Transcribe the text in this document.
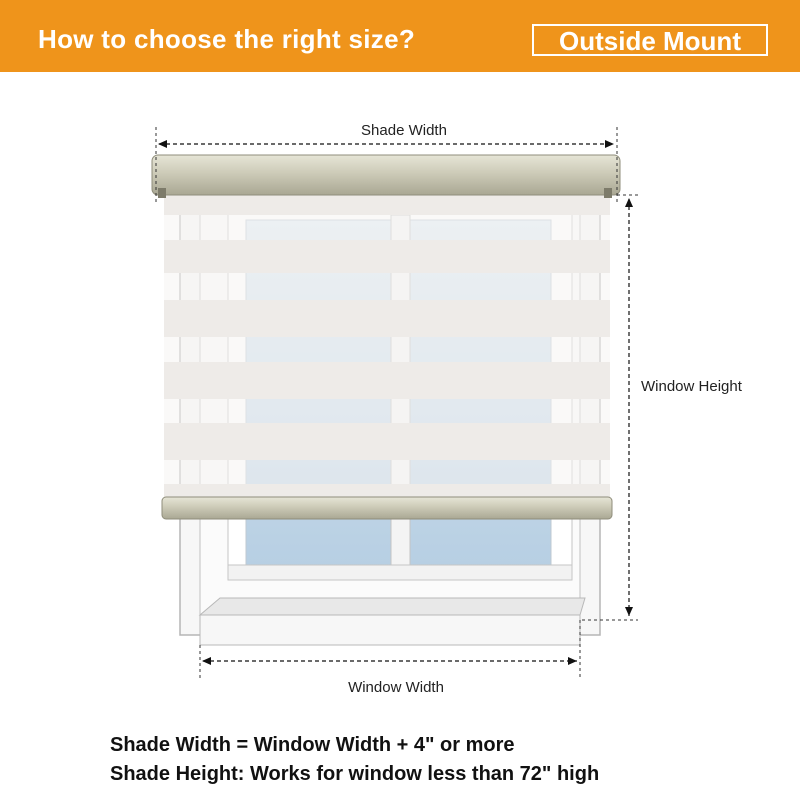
How to choose the right size?	Outside Mount
Shade Width
Window Height
Window Width
Shade Width = Window Width + 4" or more
Shade Height: Works for window less than 72" high
